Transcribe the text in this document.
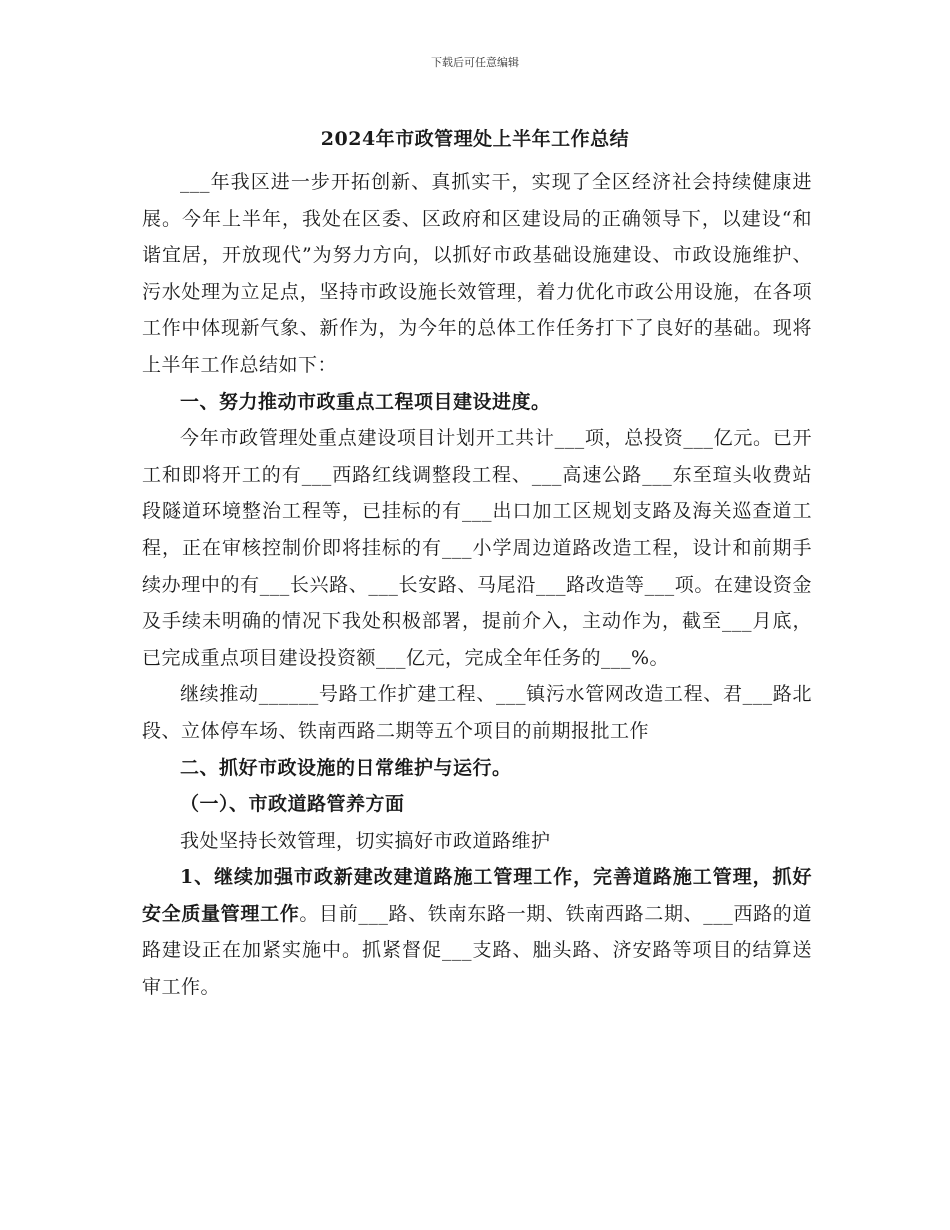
下载后可任意编辑
2024年市政管理处上半年工作总结

___年我区进一步开拓创新、真抓实干，实现了全区经济社会持续健康进展。今年上半年，我处在区委、区政府和区建设局的正确领导下，以建设“和谐宜居，开放现代”为努力方向，以抓好市政基础设施建设、市政设施维护、污水处理为立足点，坚持市政设施长效管理，着力优化市政公用设施，在各项工作中体现新气象、新作为，为今年的总体工作任务打下了良好的基础。现将上半年工作总结如下：

一、努力推动市政重点工程项目建设进度。

今年市政管理处重点建设项目计划开工共计___项，总投资___亿元。已开工和即将开工的有___西路红线调整段工程、___高速公路___东至瑄头收费站段隧道环境整治工程等，已挂标的有___出口加工区规划支路及海关巡查道工程，正在审核控制价即将挂标的有___小学周边道路改造工程，设计和前期手续办理中的有___长兴路、___长安路、马尾沿___路改造等___项。在建设资金及手续未明确的情况下我处积极部署，提前介入，主动作为，截至___月底，已完成重点项目建设投资额___亿元，完成全年任务的___%。

继续推动______号路工作扩建工程、___镇污水管网改造工程、君___路北段、立体停车场、铁南西路二期等五个项目的前期报批工作

二、抓好市政设施的日常维护与运行。

（一）、市政道路管养方面

我处坚持长效管理，切实搞好市政道路维护

1、继续加强市政新建改建道路施工管理工作，完善道路施工管理，抓好安全质量管理工作。目前___路、铁南东路一期、铁南西路二期、___西路的道路建设正在加紧实施中。抓紧督促___支路、胐头路、济安路等项目的结算送审工作。
